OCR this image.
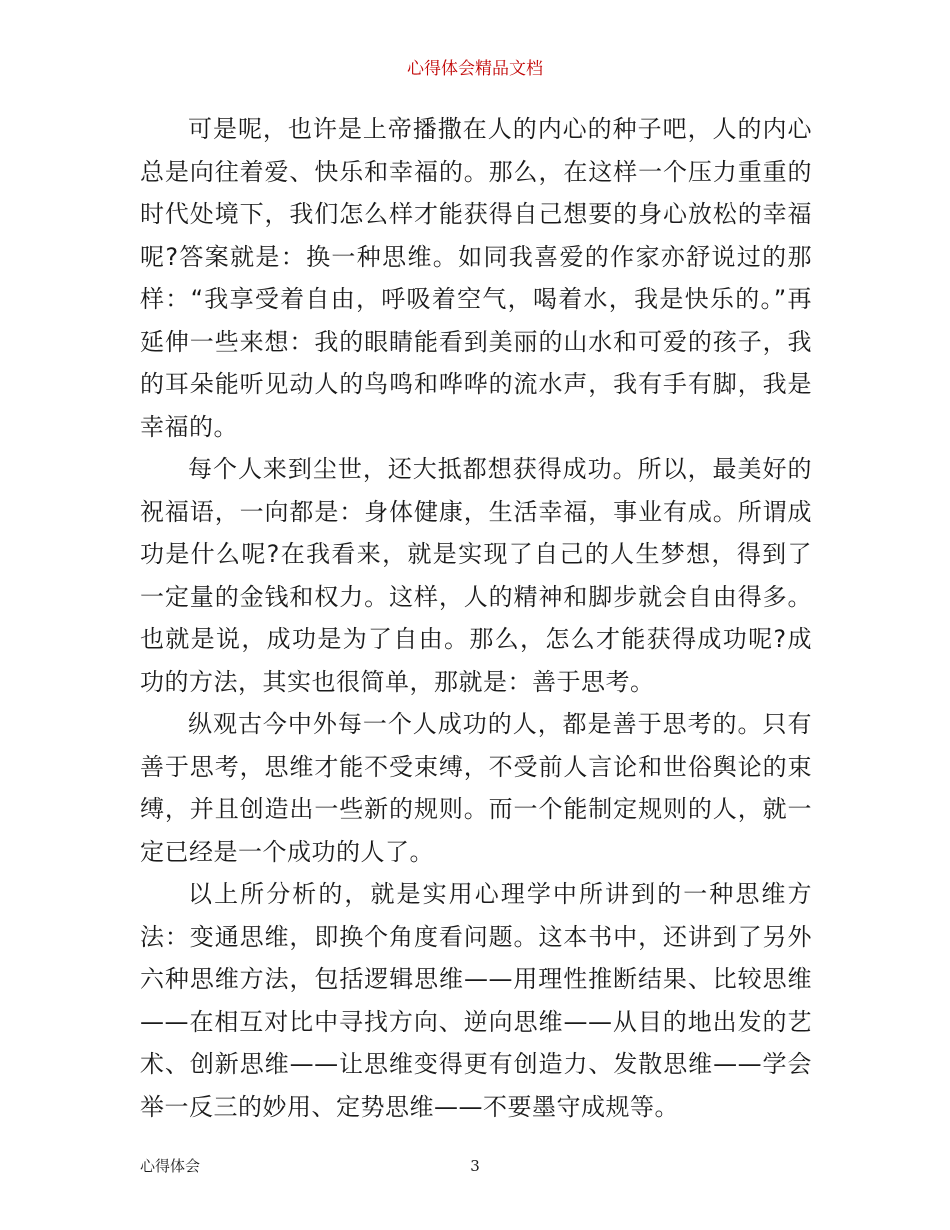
心得体会精品文档

可是呢，也许是上帝播撒在人的内心的种子吧，人的内心总是向往着爱、快乐和幸福的。那么，在这样一个压力重重的时代处境下，我们怎么样才能获得自己想要的身心放松的幸福呢?答案就是：换一种思维。如同我喜爱的作家亦舒说过的那样：“我享受着自由，呼吸着空气，喝着水，我是快乐的。”再延伸一些来想：我的眼睛能看到美丽的山水和可爱的孩子，我的耳朵能听见动人的鸟鸣和哗哗的流水声，我有手有脚，我是幸福的。

每个人来到尘世，还大抵都想获得成功。所以，最美好的祝福语，一向都是：身体健康，生活幸福，事业有成。所谓成功是什么呢?在我看来，就是实现了自己的人生梦想，得到了一定量的金钱和权力。这样，人的精神和脚步就会自由得多。也就是说，成功是为了自由。那么，怎么才能获得成功呢?成功的方法，其实也很简单，那就是：善于思考。

纵观古今中外每一个人成功的人，都是善于思考的。只有善于思考，思维才能不受束缚，不受前人言论和世俗舆论的束缚，并且创造出一些新的规则。而一个能制定规则的人，就一定已经是一个成功的人了。

以上所分析的，就是实用心理学中所讲到的一种思维方法：变通思维，即换个角度看问题。这本书中，还讲到了另外六种思维方法，包括逻辑思维——用理性推断结果、比较思维——在相互对比中寻找方向、逆向思维——从目的地出发的艺术、创新思维——让思维变得更有创造力、发散思维——学会举一反三的妙用、定势思维——不要墨守成规等。

心得体会	3
